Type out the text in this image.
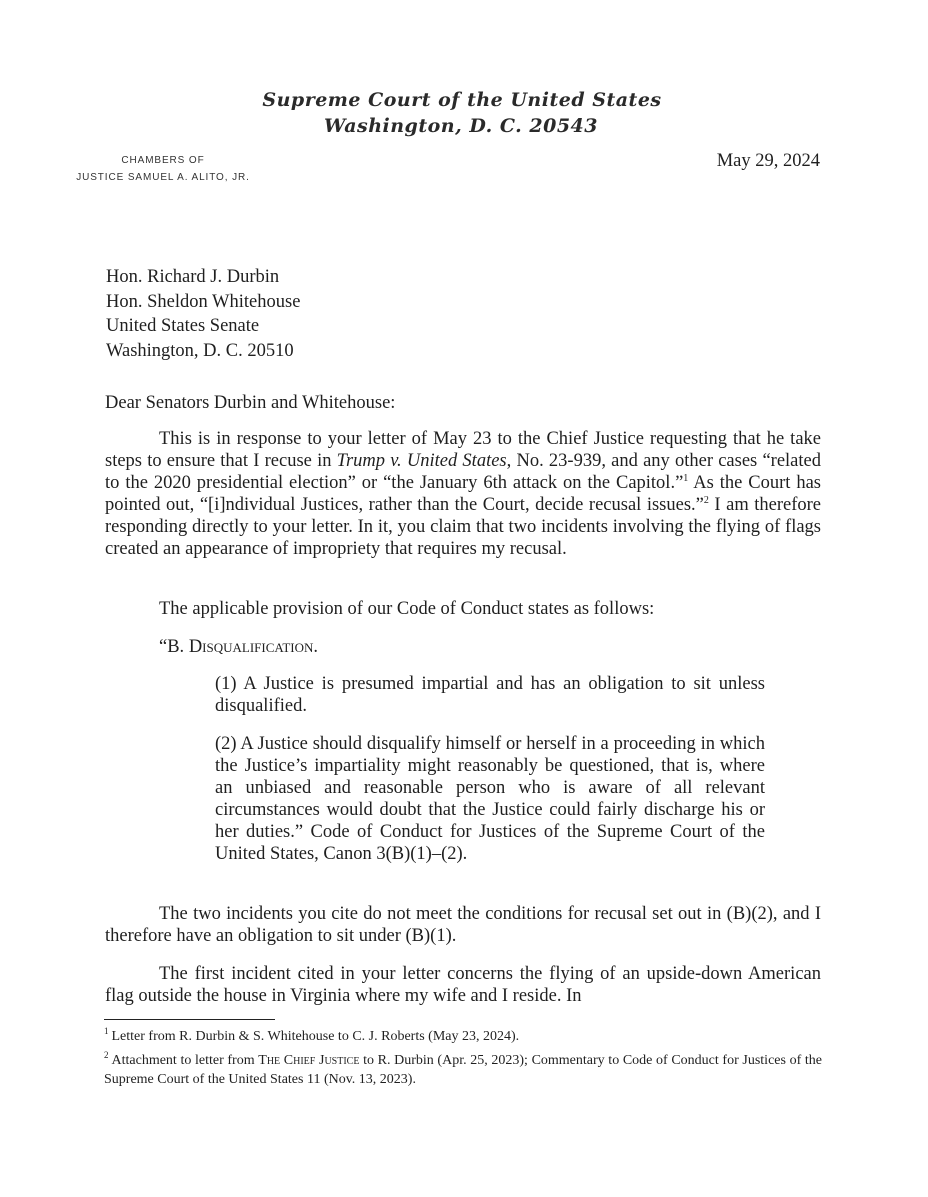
Supreme Court of the United States
Washington, D. C. 20543
CHAMBERS OF
JUSTICE SAMUEL A. ALITO, JR.
May 29, 2024
Hon. Richard J. Durbin
Hon. Sheldon Whitehouse
United States Senate
Washington, D. C. 20510
Dear Senators Durbin and Whitehouse:
This is in response to your letter of May 23 to the Chief Justice requesting that he take steps to ensure that I recuse in Trump v. United States, No. 23-939, and any other cases “related to the 2020 presidential election” or “the January 6th attack on the Capitol.”$^1$ As the Court has pointed out, “[i]ndividual Justices, rather than the Court, decide recusal issues.”$^2$ I am therefore responding directly to your letter. In it, you claim that two incidents involving the flying of flags created an appearance of impropriety that requires my recusal.
The applicable provision of our Code of Conduct states as follows:
“B. Disqualification.
(1) A Justice is presumed impartial and has an obligation to sit unless disqualified.
(2) A Justice should disqualify himself or herself in a proceeding in which the Justice’s impartiality might reasonably be questioned, that is, where an unbiased and reasonable person who is aware of all relevant circumstances would doubt that the Justice could fairly discharge his or her duties.” Code of Conduct for Justices of the Supreme Court of the United States, Canon 3(B)(1)–(2).
The two incidents you cite do not meet the conditions for recusal set out in (B)(2), and I therefore have an obligation to sit under (B)(1).
The first incident cited in your letter concerns the flying of an upside-down American flag outside the house in Virginia where my wife and I reside. In
$^1$ Letter from R. Durbin & S. Whitehouse to C. J. Roberts (May 23, 2024).
$^2$ Attachment to letter from The Chief Justice to R. Durbin (Apr. 25, 2023); Commentary to Code of Conduct for Justices of the Supreme Court of the United States 11 (Nov. 13, 2023).
